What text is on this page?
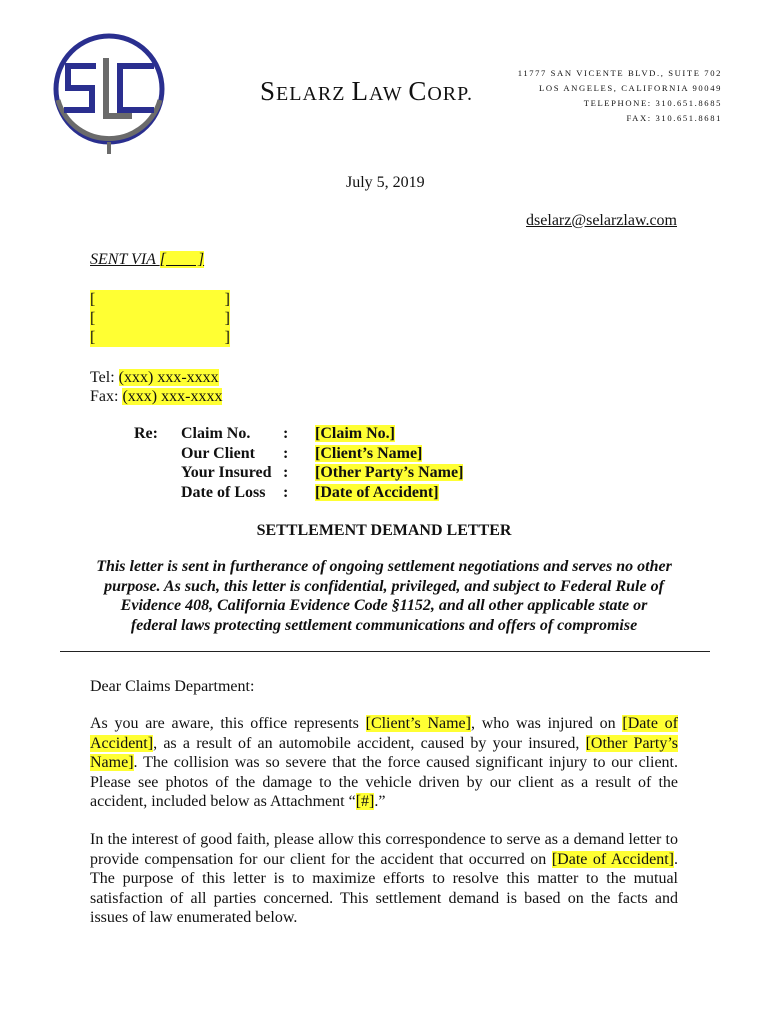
SELARZ LAW CORP.
11777 SAN VICENTE BLVD., SUITE 702
LOS ANGELES, CALIFORNIA 90049
TELEPHONE: 310.651.8685
FAX: 310.651.8681
July 5, 2019
dselarz@selarzlaw.com
SENT VIA [        ]
[	]
[	]
[	]
Tel: (xxx) xxx-xxxx
Fax: (xxx) xxx-xxxx
Re:	Claim No.	:	[Claim No.]
	Our Client	:	[Client’s Name]
	Your Insured	:	[Other Party’s Name]
	Date of Loss	:	[Date of Accident]
SETTLEMENT DEMAND LETTER
This letter is sent in furtherance of ongoing settlement negotiations and serves no other
purpose. As such, this letter is confidential, privileged, and subject to Federal Rule of
Evidence 408, California Evidence Code §1152, and all other applicable state or
federal laws protecting settlement communications and offers of compromise
Dear Claims Department:
As you are aware, this office represents [Client’s Name], who was injured on [Date of Accident], as a result of an automobile accident, caused by your insured, [Other Party’s Name]. The collision was so severe that the force caused significant injury to our client. Please see photos of the damage to the vehicle driven by our client as a result of the accident, included below as Attachment “[#].”
In the interest of good faith, please allow this correspondence to serve as a demand letter to provide compensation for our client for the accident that occurred on [Date of Accident]. The purpose of this letter is to maximize efforts to resolve this matter to the mutual satisfaction of all parties concerned. This settlement demand is based on the facts and issues of law enumerated below.
